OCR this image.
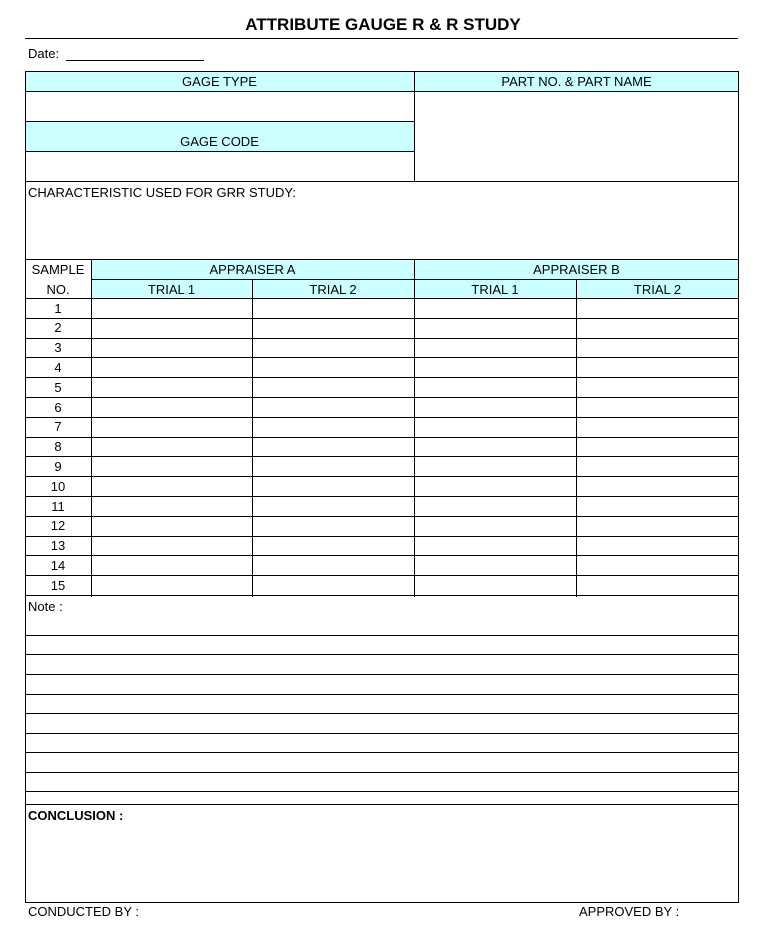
ATTRIBUTE GAUGE R & R STUDY
Date:
GAGE TYPE	PART NO. & PART NAME
GAGE CODE
CHARACTERISTIC USED FOR GRR STUDY:
SAMPLE
NO.
APPRAISER A	APPRAISER B
TRIAL 1	TRIAL 2	TRIAL 1	TRIAL 2
1
2
3
4
5
6
7
8
9
10
11
12
13
14
15
Note :
CONCLUSION :
CONDUCTED BY :	APPROVED BY :
